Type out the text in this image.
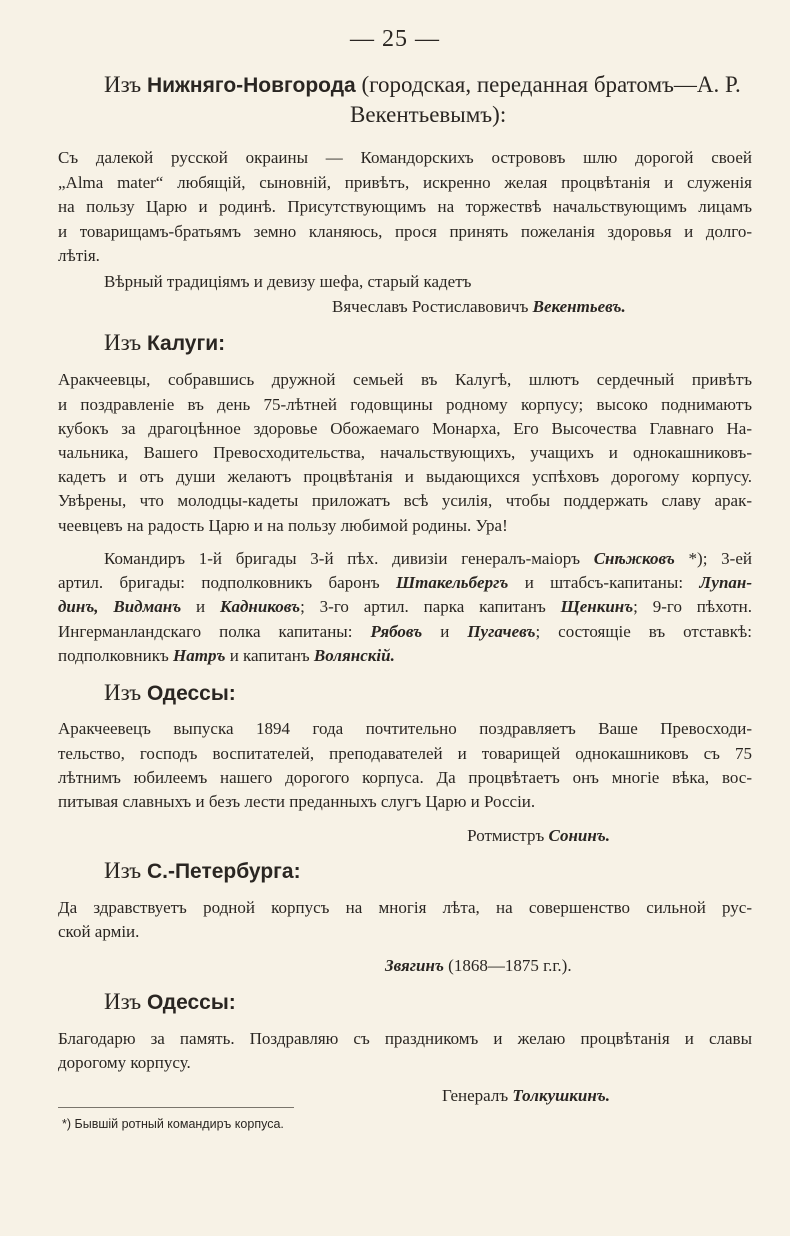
— 25 —
Изъ Нижняго-Новгорода (городская, переданная братомъ—А. Р.
Векентьевымъ):
Съ далекой русской окраины — Командорскихъ острововъ шлю дорогой своей
„Alma mater“ любящій, сыновній, привѣтъ, искренно желая процвѣтанія и служенія
на пользу Царю и родинѣ. Присутствующимъ на торжествѣ начальствующимъ лицамъ
и товарищамъ-братьямъ земно кланяюсь, прося принять пожеланія здоровья и долго-
лѣтія.
Вѣрный традиціямъ и девизу шефа, старый кадетъ
Вячеславъ Ростиславовичъ Векентьевъ.
Изъ Калуги:
Аракчеевцы, собравшись дружной семьей въ Калугѣ, шлютъ сердечный привѣтъ
и поздравленіе въ день 75-лѣтней годовщины родному корпусу; высоко поднимаютъ
кубокъ за драгоцѣнное здоровье Обожаемаго Монарха, Его Высочества Главнаго На-
чальника, Вашего Превосходительства, начальствующихъ, учащихъ и однокашниковъ-
кадетъ и отъ души желаютъ процвѣтанія и выдающихся успѣховъ дорогому корпусу.
Увѣрены, что молодцы-кадеты приложатъ всѣ усилія, чтобы поддержать славу арак-
чеевцевъ на радость Царю и на пользу любимой родины. Ура!
Командиръ 1-й бригады 3-й пѣх. дивизіи генералъ-маіоръ Снѣжковъ *); 3-ей
артил. бригады: подполковникъ баронъ Штакельбергъ и штабсъ-капитаны: Лупан-
динъ, Видманъ и Кадниковъ; 3-го артил. парка капитанъ Щенкинъ; 9-го пѣхотн.
Ингерманландскаго полка капитаны: Рябовъ и Пугачевъ; состоящіе въ отставкѣ:
подполковникъ Натръ и капитанъ Волянскій.
Изъ Одессы:
Аракчеевецъ выпуска 1894 года почтительно поздравляетъ Ваше Превосходи-
тельство, господъ воспитателей, преподавателей и товарищей однокашниковъ съ 75
лѣтнимъ юбилеемъ нашего дорогого корпуса. Да процвѣтаетъ онъ многіе вѣка, вос-
питывая славныхъ и безъ лести преданныхъ слугъ Царю и Россіи.
Ротмистръ Сонинъ.
Изъ С.-Петербурга:
Да здравствуетъ родной корпусъ на многія лѣта, на совершенство сильной рус-
ской арміи.
Звягинъ (1868—1875 г.г.).
Изъ Одессы:
Благодарю за память. Поздравляю съ праздникомъ и желаю процвѣтанія и славы
дорогому корпусу.
Генералъ Толкушкинъ.
*) Бывшій ротный командиръ корпуса.
